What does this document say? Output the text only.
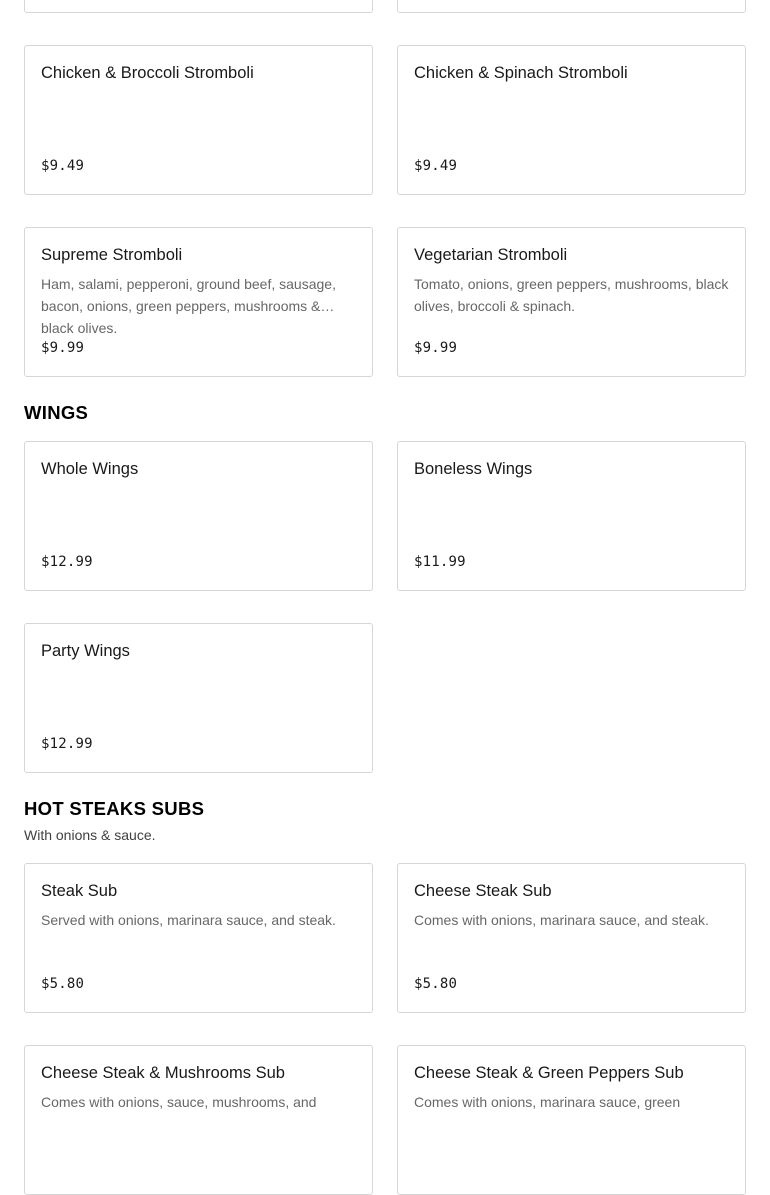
Chicken & Broccoli Stromboli
$9.49
Chicken & Spinach Stromboli
$9.49
Supreme Stromboli
Ham, salami, pepperoni, ground beef, sausage, bacon, onions, green peppers, mushrooms & black olives.
$9.99
Vegetarian Stromboli
Tomato, onions, green peppers, mushrooms, black olives, broccoli & spinach.
$9.99
WINGS
Whole Wings
$12.99
Boneless Wings
$11.99
Party Wings
$12.99
HOT STEAKS SUBS
With onions & sauce.
Steak Sub
Served with onions, marinara sauce, and steak.
$5.80
Cheese Steak Sub
Comes with onions, marinara sauce, and steak.
$5.80
Cheese Steak & Mushrooms Sub
Comes with onions, sauce, mushrooms, and
Cheese Steak & Green Peppers Sub
Comes with onions, marinara sauce, green
